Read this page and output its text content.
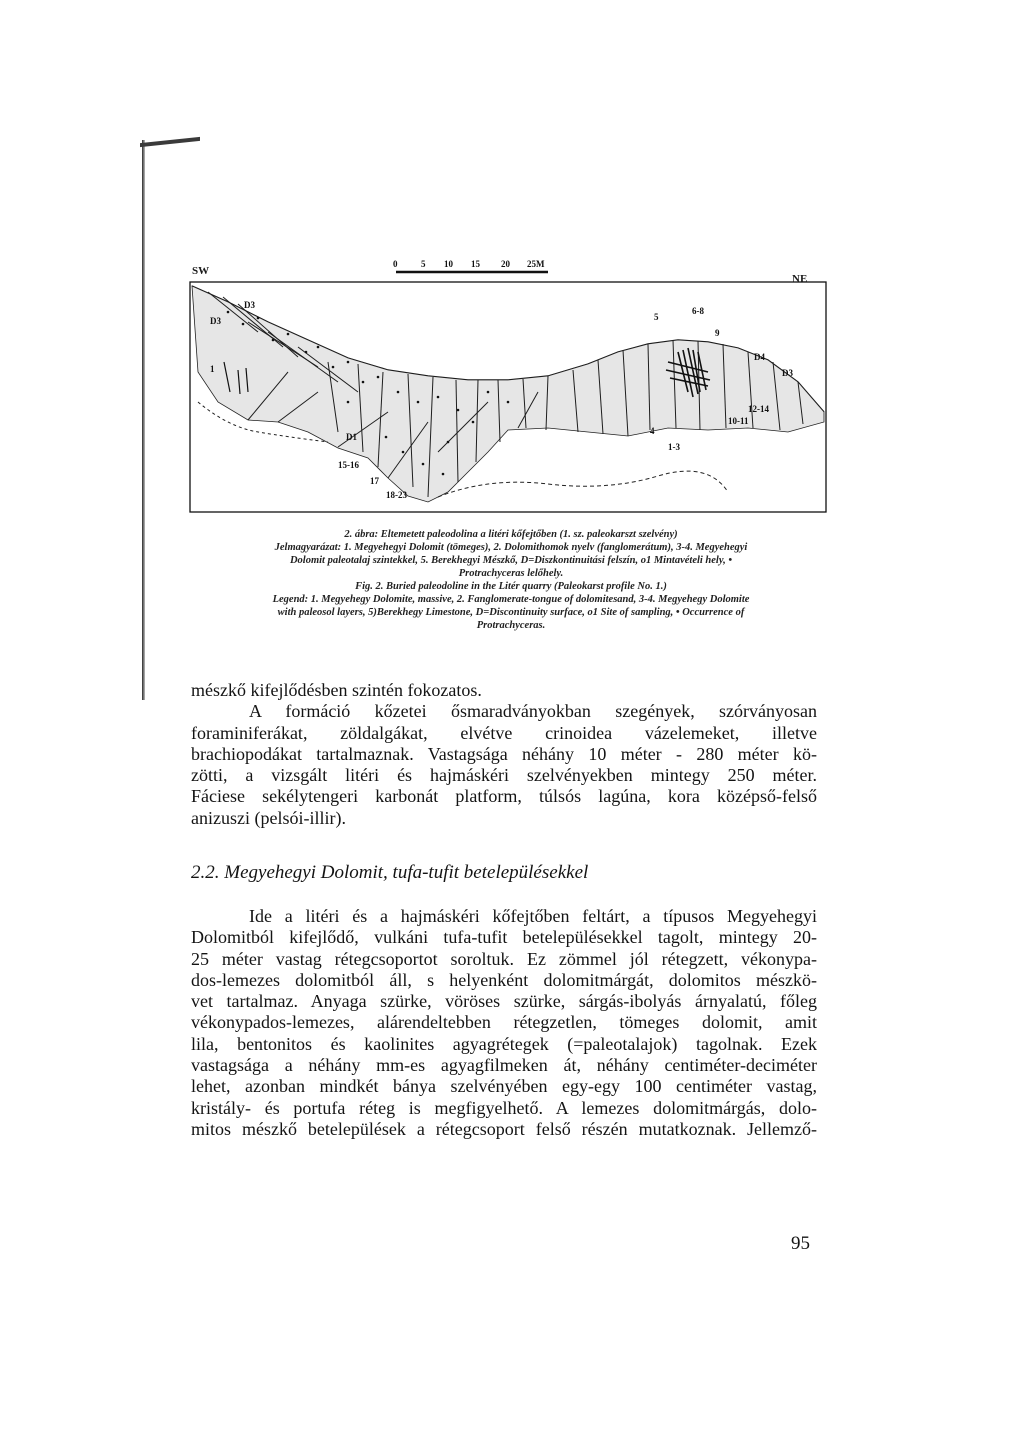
SW
NE
0	5 10 15 20 25M
D3
D3
1
5
6-8
9
D4
D3
12-14
10-11
4
1-3
D1
15-16
17
18-23
2. ábra: Eltemetett paleodolina a litéri kőfejtőben (1. sz. paleokarszt szelvény)
Jelmagyarázat: 1. Megyehegyi Dolomit (tömeges), 2. Dolomithomok nyelv (fanglomerátum), 3-4. Megyehegyi
Dolomit paleotalaj szintekkel, 5. Berekhegyi Mészkő, D=Diszkontinuitási felszín, o1 Mintavételi hely, •
Protrachyceras lelőhely.
Fig. 2. Buried paleodoline in the Litér quarry (Paleokarst profile No. 1.)
Legend: 1. Megyehegy Dolomite, massive, 2. Fanglomerate-tongue of dolomitesand, 3-4. Megyehegy Dolomite
with paleosol layers, 5)Berekhegy Limestone, D=Discontinuity surface, o1 Site of sampling, • Occurrence of
Protrachyceras.
mészkő kifejlődésben szintén fokozatos.
A formáció kőzetei ősmaradványokban szegények, szórványosan
foraminiferákat, zöldalgákat, elvétve crinoidea vázelemeket, illetve
brachiopodákat tartalmaznak. Vastagsága néhány 10 méter - 280 méter kö-
zötti, a vizsgált litéri és hajmáskéri szelvényekben mintegy 250 méter.
Fáciese sekélytengeri karbonát platform, túlsós lagúna, kora középső-felső
anizuszi (pelsói-illir).
2.2. Megyehegyi Dolomit, tufa-tufit betelepülésekkel
Ide a litéri és a hajmáskéri kőfejtőben feltárt, a típusos Megyehegyi
Dolomitból kifejlődő, vulkáni tufa-tufit betelepülésekkel tagolt, mintegy 20-
25 méter vastag rétegcsoportot soroltuk. Ez zömmel jól rétegzett, vékonypa-
dos-lemezes dolomitból áll, s helyenként dolomitmárgát, dolomitos mészkö-
vet tartalmaz. Anyaga szürke, vöröses szürke, sárgás-ibolyás árnyalatú, főleg
vékonypados-lemezes, alárendeltebben rétegzetlen, tömeges dolomit, amit
lila, bentonitos és kaolinites agyagrétegek (=paleotalajok) tagolnak. Ezek
vastagsága a néhány mm-es agyagfilmeken át, néhány centiméter-deciméter
lehet, azonban mindkét bánya szelvényében egy-egy 100 centiméter vastag,
kristály- és portufa réteg is megfigyelhető. A lemezes dolomitmárgás, dolo-
mitos mészkő betelepülések a rétegcsoport felső részén mutatkoznak. Jellemző-
95
